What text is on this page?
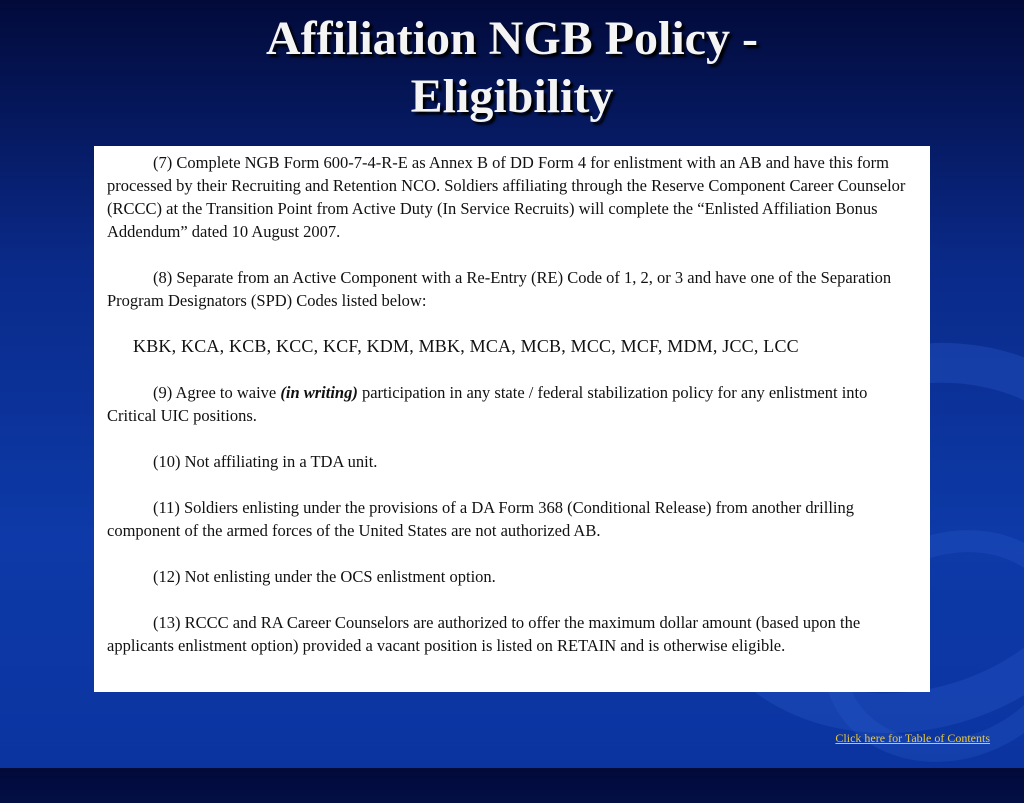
Affiliation NGB Policy -
Eligibility

(7) Complete NGB Form 600-7-4-R-E as Annex B of DD Form 4 for enlistment with an AB and have this form processed by their Recruiting and Retention NCO. Soldiers affiliating through the Reserve Component Career Counselor (RCCC) at the Transition Point from Active Duty (In Service Recruits) will complete the “Enlisted Affiliation Bonus Addendum” dated 10 August 2007.

(8) Separate from an Active Component with a Re-Entry (RE) Code of 1, 2, or 3 and have one of the Separation Program Designators (SPD) Codes listed below:

KBK, KCA, KCB, KCC, KCF, KDM, MBK, MCA, MCB, MCC, MCF, MDM, JCC, LCC

(9) Agree to waive (in writing) participation in any state / federal stabilization policy for any enlistment into Critical UIC positions.

(10) Not affiliating in a TDA unit.

(11) Soldiers enlisting under the provisions of a DA Form 368 (Conditional Release) from another drilling component of the armed forces of the United States are not authorized AB.

(12) Not enlisting under the OCS enlistment option.

(13) RCCC and RA Career Counselors are authorized to offer the maximum dollar amount (based upon the applicants enlistment option) provided a vacant position is listed on RETAIN and is otherwise eligible.

Click here for Table of Contents
